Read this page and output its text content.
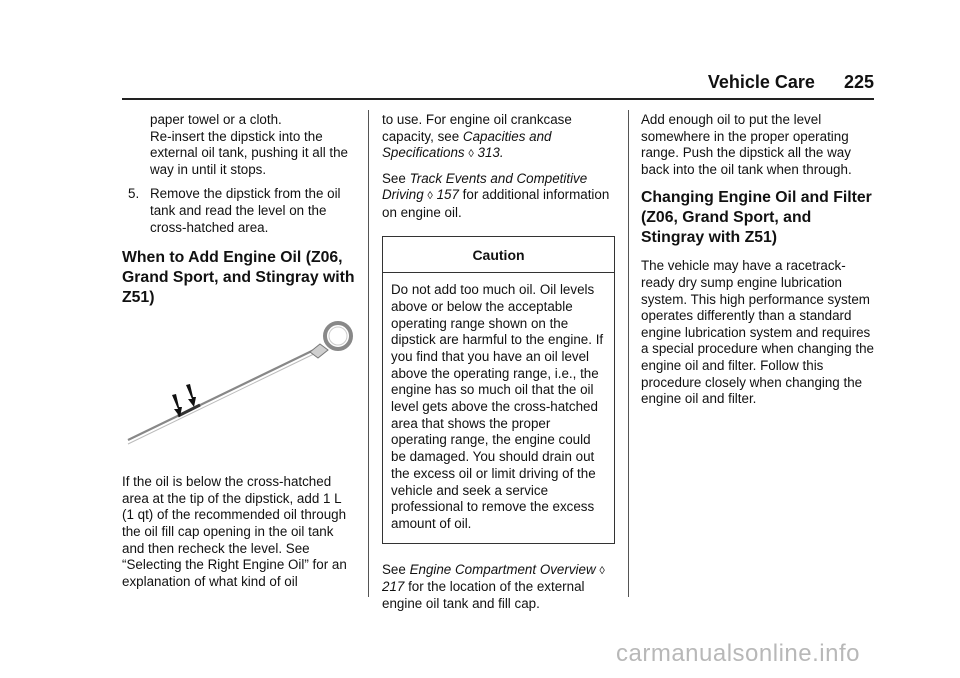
Vehicle Care 225

paper towel or a cloth.

Re-insert the dipstick into the external oil tank, pushing it all the way in until it stops.

5. Remove the dipstick from the oil tank and read the level on the cross-hatched area.
When to Add Engine Oil (Z06, Grand Sport, and Stingray with Z51)

If the oil is below the cross-hatched area at the tip of the dipstick, add 1 L (1 qt) of the recommended oil through the oil fill cap opening in the oil tank and then recheck the level. See “Selecting the Right Engine Oil” for an explanation of what kind of oil

to use. For engine oil crankcase capacity, see Capacities and Specifications ◊ 313.

See Track Events and Competitive Driving ◊ 157 for additional information on engine oil.

Caution
Do not add too much oil. Oil levels above or below the acceptable operating range shown on the dipstick are harmful to the engine. If you find that you have an oil level above the operating range, i.e., the engine has so much oil that the oil level gets above the cross-hatched area that shows the proper operating range, the engine could be damaged. You should drain out the excess oil or limit driving of the vehicle and seek a service professional to remove the excess amount of oil.

See Engine Compartment Overview ◊ 217 for the location of the external engine oil tank and fill cap.

Add enough oil to put the level somewhere in the proper operating range. Push the dipstick all the way back into the oil tank when through.

Changing Engine Oil and Filter (Z06, Grand Sport, and Stingray with Z51)

The vehicle may have a racetrack-ready dry sump engine lubrication system. This high performance system operates differently than a standard engine lubrication system and requires a special procedure when changing the engine oil and filter. Follow this procedure closely when changing the engine oil and filter.

carmanualsonline.info
